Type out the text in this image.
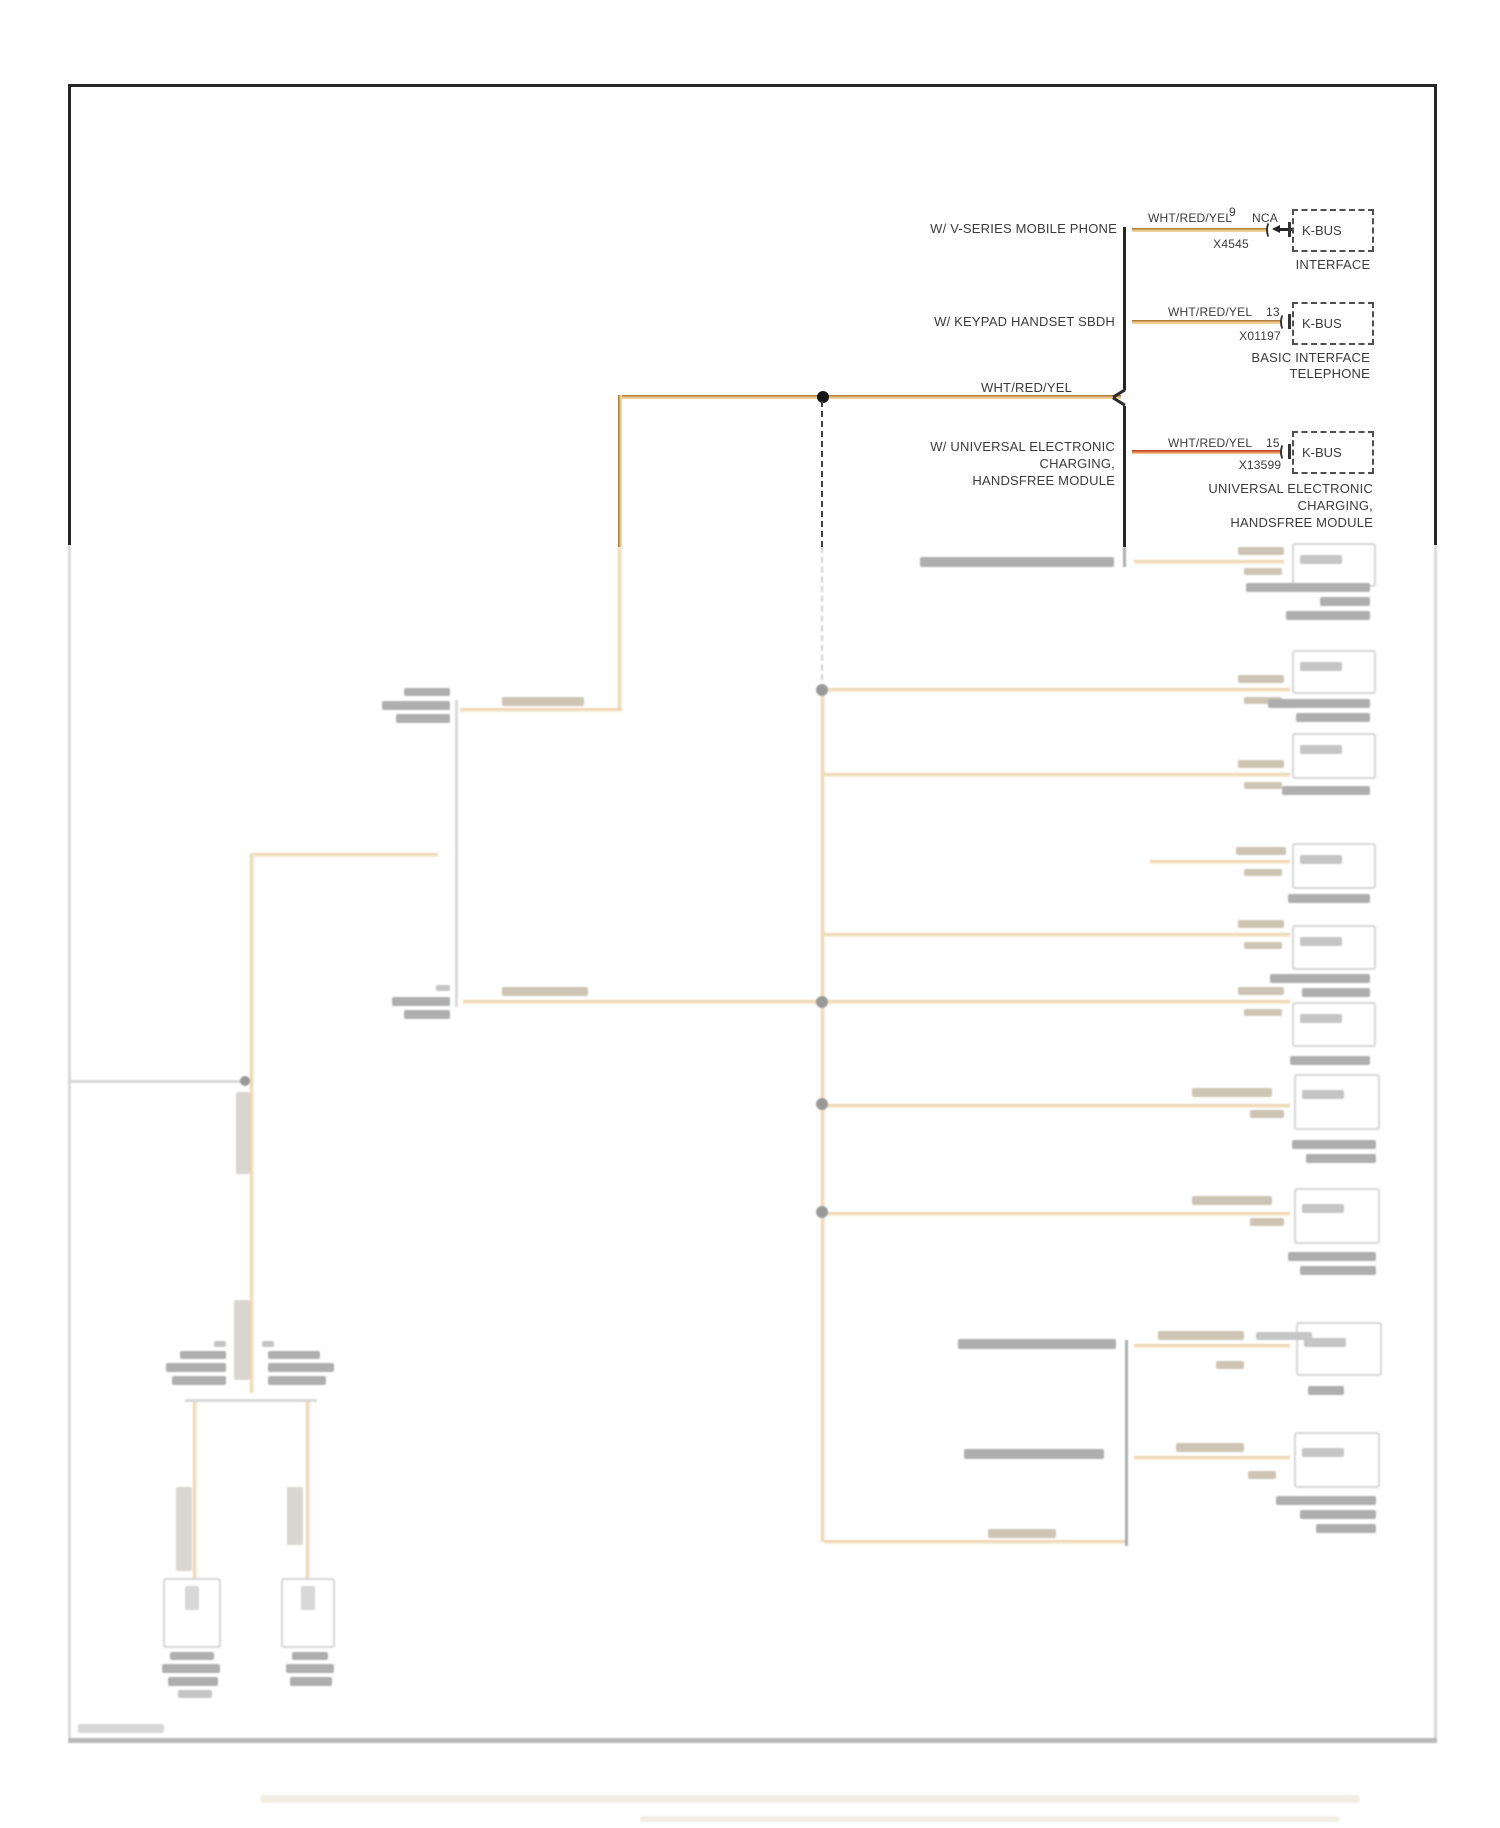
W/ V-SERIES MOBILE PHONE
WHT/RED/YEL
9	NCA
X4545
K-BUS
INTERFACE
W/ KEYPAD HANDSET SBDH
WHT/RED/YEL 13
X01197
K-BUS
BASIC INTERFACE
TELEPHONE
WHT/RED/YEL
W/ UNIVERSAL ELECTRONIC
CHARGING,
HANDSFREE MODULE
WHT/RED/YEL 15
X13599
K-BUS
UNIVERSAL ELECTRONIC
CHARGING,
HANDSFREE MODULE
